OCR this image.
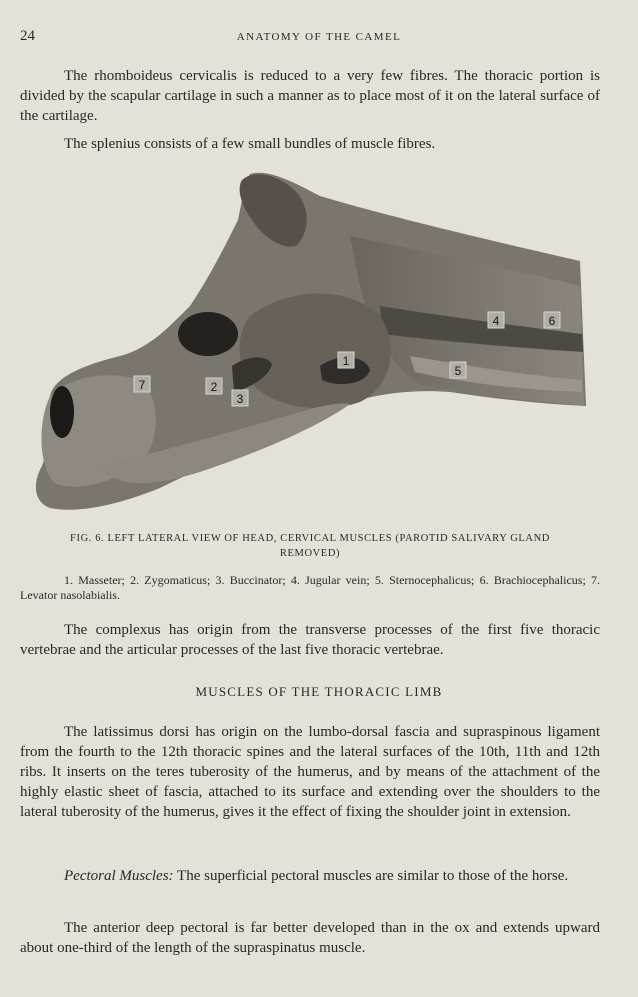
24	ANATOMY OF THE CAMEL

The rhomboideus cervicalis is reduced to a very few fibres. The thoracic portion is divided by the scapular cartilage in such a manner as to place most of it on the lateral surface of the cartilage.

The splenius consists of a few small bundles of muscle fibres.

7	2
3
1
5
4	6
FIG. 6. LEFT LATERAL VIEW OF HEAD, CERVICAL MUSCLES (PAROTID SALIVARY GLAND
REMOVED)
1. Masseter; 2. Zygomaticus; 3. Buccinator; 4. Jugular vein; 5. Sternocephalicus; 6. Brachiocephalicus; 7. Levator nasolabialis.

The complexus has origin from the transverse processes of the first five thoracic vertebrae and the articular processes of the last five thoracic vertebrae.

MUSCLES OF THE THORACIC LIMB

The latissimus dorsi has origin on the lumbo-dorsal fascia and supraspinous ligament from the fourth to the 12th thoracic spines and the lateral surfaces of the 10th, 11th and 12th ribs. It inserts on the teres tuberosity of the humerus, and by means of the attachment of the highly elastic sheet of fascia, attached to its surface and extending over the shoulders to the lateral tuberosity of the humerus, gives it the effect of fixing the shoulder joint in extension.

Pectoral Muscles: The superficial pectoral muscles are similar to those of the horse.

The anterior deep pectoral is far better developed than in the ox and extends upward about one-third of the length of the supraspinatus muscle.
